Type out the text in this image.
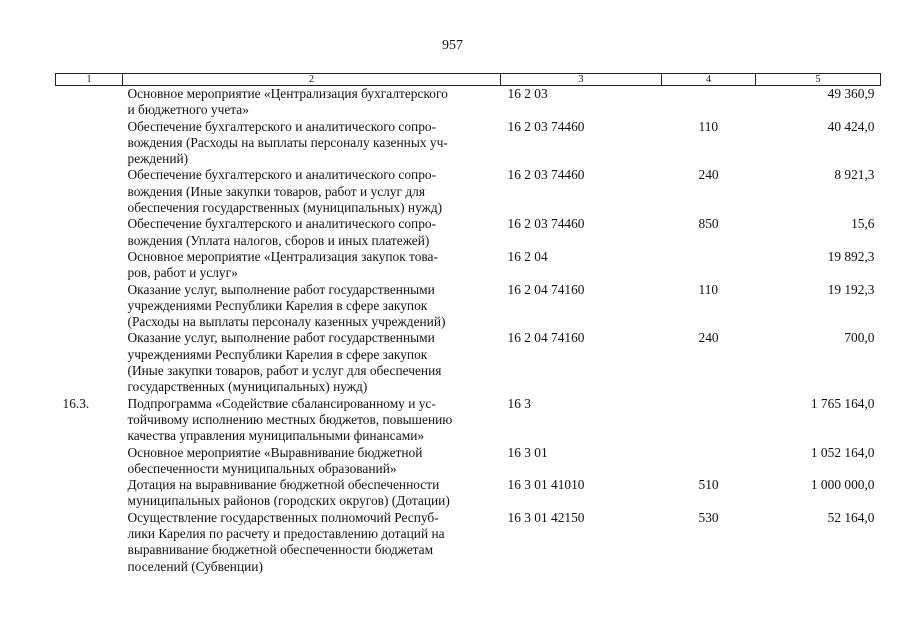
957
1	2	3	4	5
	Основное мероприятие «Централизация бухгалтерского
и бюджетного учета»	16 2 03		49 360,9
	Обеспечение бухгалтерского и аналитического сопро-
вождения (Расходы на выплаты персоналу казенных уч-
реждений)	16 2 03 74460	110	40 424,0
	Обеспечение бухгалтерского и аналитического сопро-
вождения (Иные закупки товаров, работ и услуг для
обеспечения государственных (муниципальных) нужд)	16 2 03 74460	240	8 921,3
	Обеспечение бухгалтерского и аналитического сопро-
вождения (Уплата налогов, сборов и иных платежей)	16 2 03 74460	850	15,6
	Основное мероприятие «Централизация закупок това-
ров, работ и услуг»	16 2 04		19 892,3
	Оказание услуг, выполнение работ государственными
учреждениями Республики Карелия в сфере закупок
(Расходы на выплаты персоналу казенных учреждений)	16 2 04 74160	110	19 192,3
	Оказание услуг, выполнение работ государственными
учреждениями Республики Карелия в сфере закупок
(Иные закупки товаров, работ и услуг для обеспечения
государственных (муниципальных) нужд)	16 2 04 74160	240	700,0
16.3.	Подпрограмма «Содействие сбалансированному и ус-
тойчивому исполнению местных бюджетов, повышению
качества управления муниципальными финансами»	16 3		1 765 164,0
	Основное мероприятие «Выравнивание бюджетной
обеспеченности муниципальных образований»	16 3 01		1 052 164,0
	Дотация на выравнивание бюджетной обеспеченности
муниципальных районов (городских округов) (Дотации)	16 3 01 41010	510	1 000 000,0
	Осуществление государственных полномочий Респуб-
лики Карелия по расчету и предоставлению дотаций на
выравнивание бюджетной обеспеченности бюджетам
поселений (Субвенции)	16 3 01 42150	530	52 164,0
